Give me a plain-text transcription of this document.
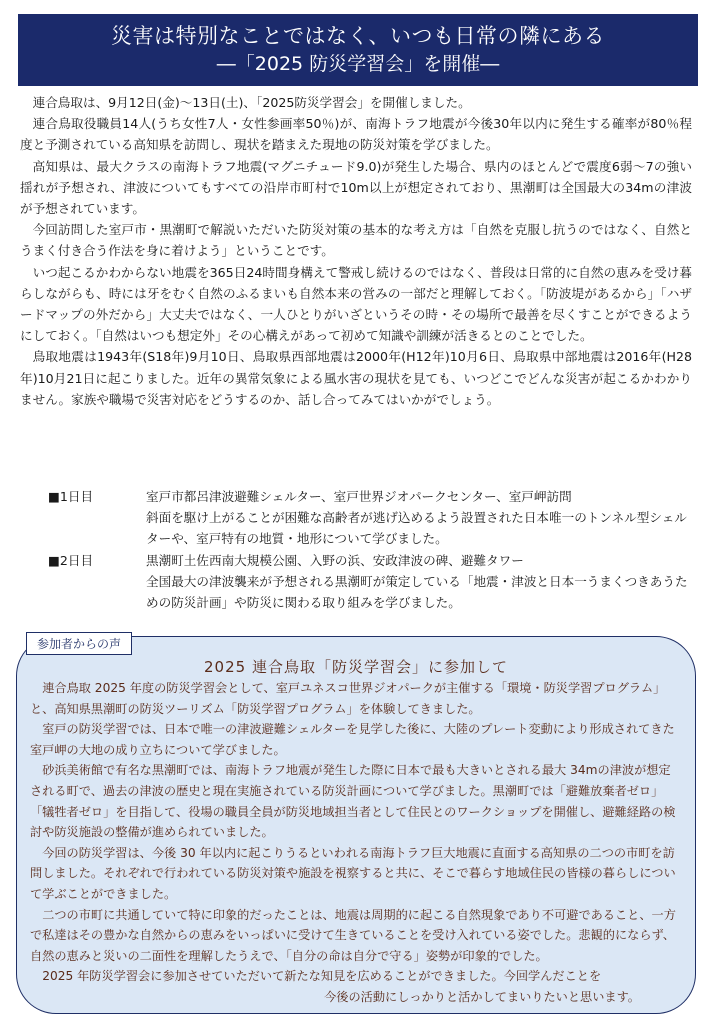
災害は特別なことではなく、いつも日常の隣にある
―「2025 防災学習会」を開催―

連合鳥取は、9月12日(金)～13日(土)、「2025防災学習会」を開催しました。

連合鳥取役職員14人(うち女性7人・女性参画率50％)が、南海トラフ地震が今後30年以内に発生する確率が80％程度と予測されている高知県を訪問し、現状を踏まえた現地の防災対策を学びました。

高知県は、最大クラスの南海トラフ地震(マグニチュード9.0)が発生した場合、県内のほとんどで震度6弱～7の強い揺れが予想され、津波についてもすべての沿岸市町村で10m以上が想定されており、黒潮町は全国最大の34mの津波が予想されています。

今回訪問した室戸市・黒潮町で解説いただいた防災対策の基本的な考え方は「自然を克服し抗うのではなく、自然とうまく付き合う作法を身に着けよう」ということです。

いつ起こるかわからない地震を365日24時間身構えて警戒し続けるのではなく、普段は日常的に自然の恵みを受け暮らしながらも、時には牙をむく自然のふるまいも自然本来の営みの一部だと理解しておく。「防波堤があるから」「ハザードマップの外だから」大丈夫ではなく、一人ひとりがいざというその時・その場所で最善を尽くすことができるようにしておく。「自然はいつも想定外」その心構えがあって初めて知識や訓練が活きるとのことでした。

鳥取地震は1943年(S18年)9月10日、鳥取県西部地震は2000年(H12年)10月6日、鳥取県中部地震は2016年(H28年)10月21日に起こりました。近年の異常気象による風水害の現状を見ても、いつどこでどんな災害が起こるかわかりません。家族や職場で災害対応をどうするのか、話し合ってみてはいかがでしょう。

■1日目	室戸市都呂津波避難シェルター、室戸世界ジオパークセンター、室戸岬訪問
斜面を駆け上がることが困難な高齢者が逃げ込めるよう設置された日本唯一のトンネル型シェルターや、室戸特有の地質・地形について学びました。
■2日目	黒潮町土佐西南大規模公園、入野の浜、安政津波の碑、避難タワー
全国最大の津波襲来が予想される黒潮町が策定している「地震・津波と日本一うまくつきあうための防災計画」や防災に関わる取り組みを学びました。
参加者からの声
2025 連合鳥取「防災学習会」に参加して

連合鳥取 2025 年度の防災学習会として、室戸ユネスコ世界ジオパークが主催する「環境・防災学習プログラム」と、高知県黒潮町の防災ツーリズム「防災学習プログラム」を体験してきました。

室戸の防災学習では、日本で唯一の津波避難シェルターを見学した後に、大陸のプレート変動により形成されてきた室戸岬の大地の成り立ちについて学びました。

砂浜美術館で有名な黒潮町では、南海トラフ地震が発生した際に日本で最も大きいとされる最大 34mの津波が想定される町で、過去の津波の歴史と現在実施されている防災計画について学びました。黒潮町では「避難放棄者ゼロ」「犠牲者ゼロ」を目指して、役場の職員全員が防災地域担当者として住民とのワークショップを開催し、避難経路の検討や防災施設の整備が進められていました。

今回の防災学習は、今後 30 年以内に起こりうるといわれる南海トラフ巨大地震に直面する高知県の二つの市町を訪問しました。それぞれで行われている防災対策や施設を視察すると共に、そこで暮らす地域住民の皆様の暮らしについて学ぶことができました。

二つの市町に共通していて特に印象的だったことは、地震は周期的に起こる自然現象であり不可避であること、一方で私達はその豊かな自然からの恵みをいっぱいに受けて生きていることを受け入れている姿でした。悲観的にならず、自然の恵みと災いの二面性を理解したうえで、「自分の命は自分で守る」姿勢が印象的でした。

2025 年防災学習会に参加させていただいて新たな知見を広めることができました。今回学んだことを

今後の活動にしっかりと活かしてまいりたいと思います。
